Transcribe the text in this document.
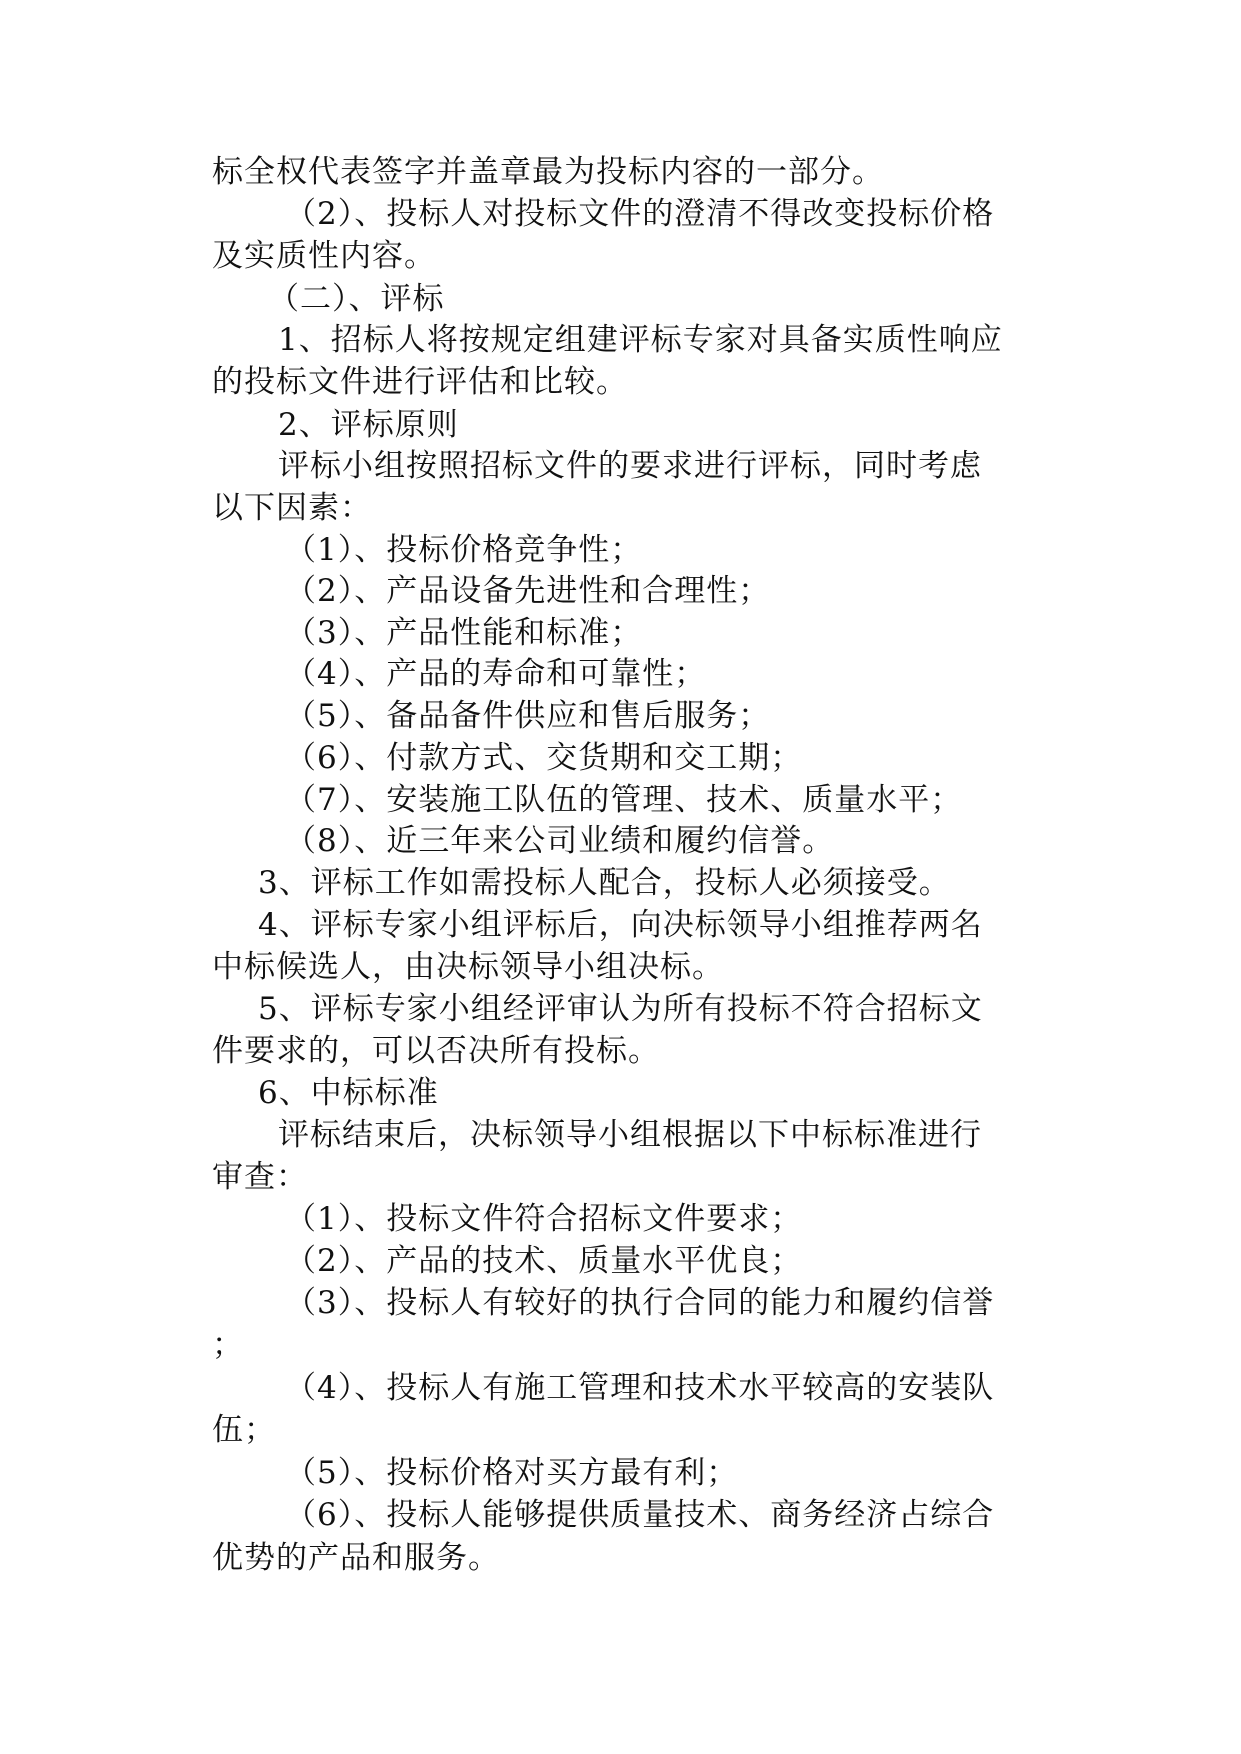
标全权代表签字并盖章最为投标内容的一部分。
（2）、投标人对投标文件的澄清不得改变投标价格
及实质性内容。
（二）、评标
1、招标人将按规定组建评标专家对具备实质性响应
的投标文件进行评估和比较。
2、评标原则
评标小组按照招标文件的要求进行评标，同时考虑
以下因素：
（1）、投标价格竞争性；
（2）、产品设备先进性和合理性；
（3）、产品性能和标准；
（4）、产品的寿命和可靠性；
（5）、备品备件供应和售后服务；
（6）、付款方式、交货期和交工期；
（7）、安装施工队伍的管理、技术、质量水平；
（8）、近三年来公司业绩和履约信誉。
3、评标工作如需投标人配合，投标人必须接受。
4、评标专家小组评标后，向决标领导小组推荐两名
中标候选人，由决标领导小组决标。
5、评标专家小组经评审认为所有投标不符合招标文
件要求的，可以否决所有投标。
6、中标标准
评标结束后，决标领导小组根据以下中标标准进行
审查：
（1）、投标文件符合招标文件要求；
（2）、产品的技术、质量水平优良；
（3）、投标人有较好的执行合同的能力和履约信誉
；
（4）、投标人有施工管理和技术水平较高的安装队
伍；
（5）、投标价格对买方最有利；
（6）、投标人能够提供质量技术、商务经济占综合
优势的产品和服务。
